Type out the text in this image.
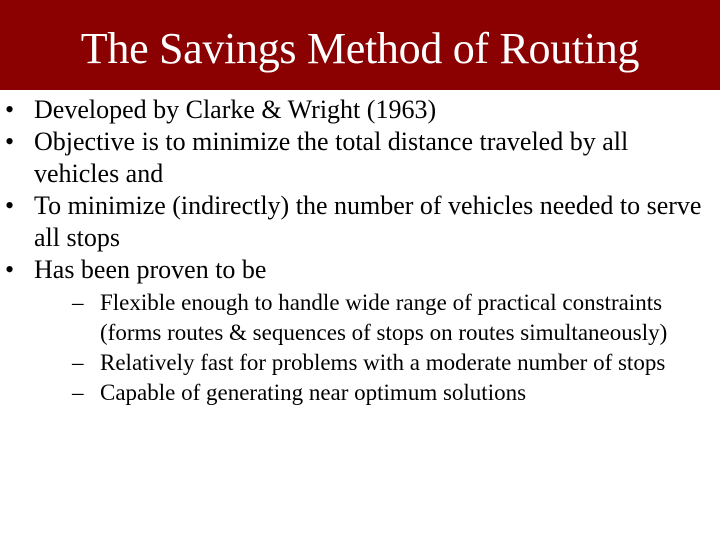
The Savings Method of Routing
• Developed by Clarke & Wright (1963)
• Objective is to minimize the total distance traveled by all vehicles and
• To minimize (indirectly) the number of vehicles needed to serve all stops
• Has been proven to be
– Flexible enough to handle wide range of practical constraints (forms routes & sequences of stops on routes simultaneously)
– Relatively fast for problems with a moderate number of stops
– Capable of generating near optimum solutions
